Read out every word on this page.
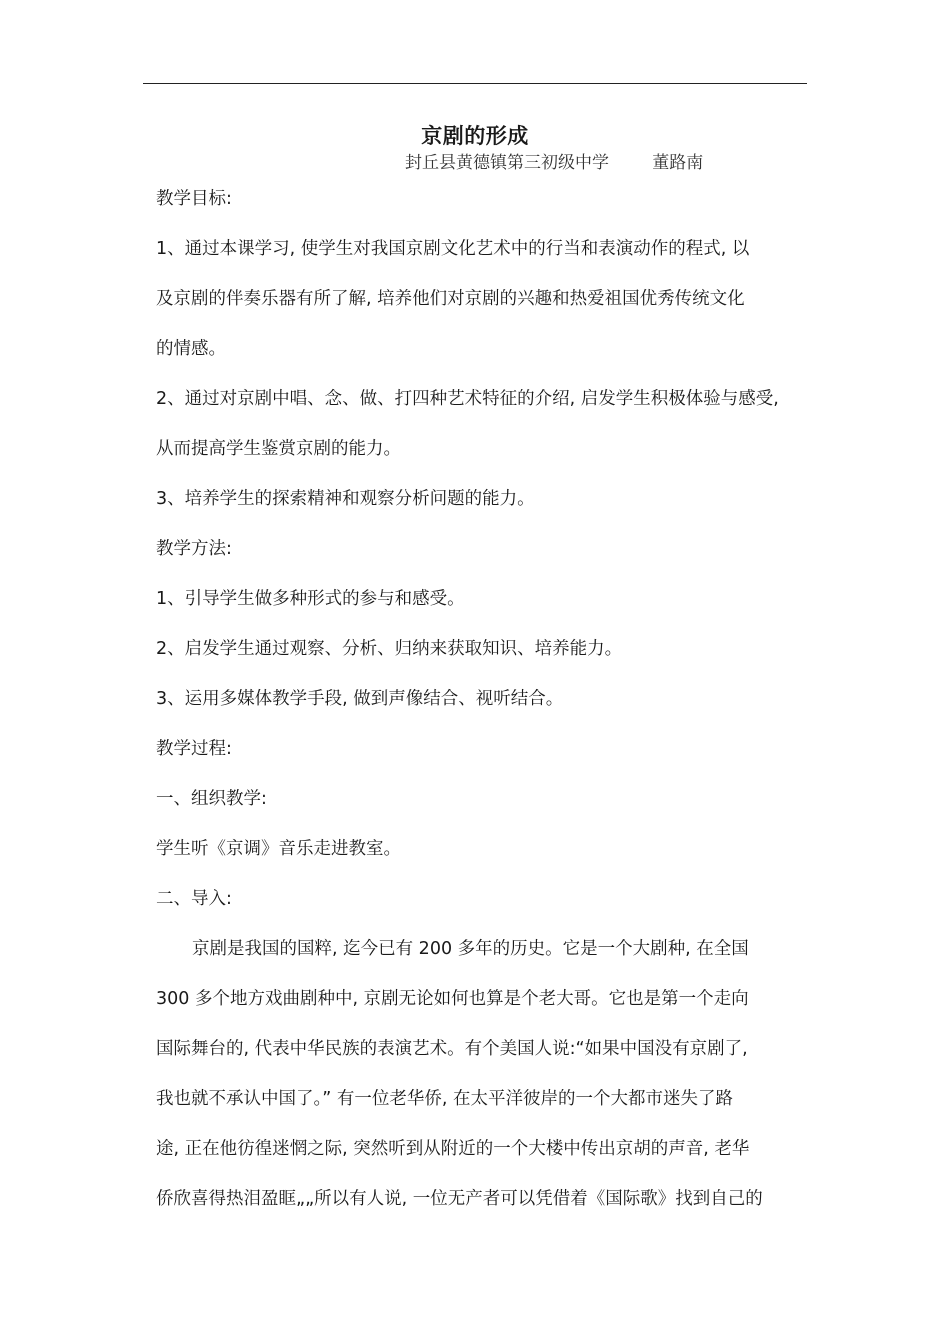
京剧的形成
封丘县黄德镇第三初级中学        董路南
教学目标:
1、通过本课学习, 使学生对我国京剧文化艺术中的行当和表演动作的程式, 以
及京剧的伴奏乐器有所了解, 培养他们对京剧的兴趣和热爱祖国优秀传统文化
的情感。
2、通过对京剧中唱、念、做、打四种艺术特征的介绍, 启发学生积极体验与感受,
从而提高学生鉴赏京剧的能力。
3、培养学生的探索精神和观察分析问题的能力。
教学方法:
1、引导学生做多种形式的参与和感受。
2、启发学生通过观察、分析、归纳来获取知识、培养能力。
3、运用多媒体教学手段, 做到声像结合、视听结合。
教学过程:
一、组织教学:
学生听《京调》音乐走进教室。
二、导入:
京剧是我国的国粹, 迄今已有 200 多年的历史。它是一个大剧种, 在全国
300 多个地方戏曲剧种中, 京剧无论如何也算是个老大哥。它也是第一个走向
国际舞台的, 代表中华民族的表演艺术。有个美国人说:“如果中国没有京剧了,
我也就不承认中国了。” 有一位老华侨, 在太平洋彼岸的一个大都市迷失了路
途, 正在他彷徨迷惘之际, 突然听到从附近的一个大楼中传出京胡的声音, 老华
侨欣喜得热泪盈眶„„所以有人说, 一位无产者可以凭借着《国际歌》找到自己的
